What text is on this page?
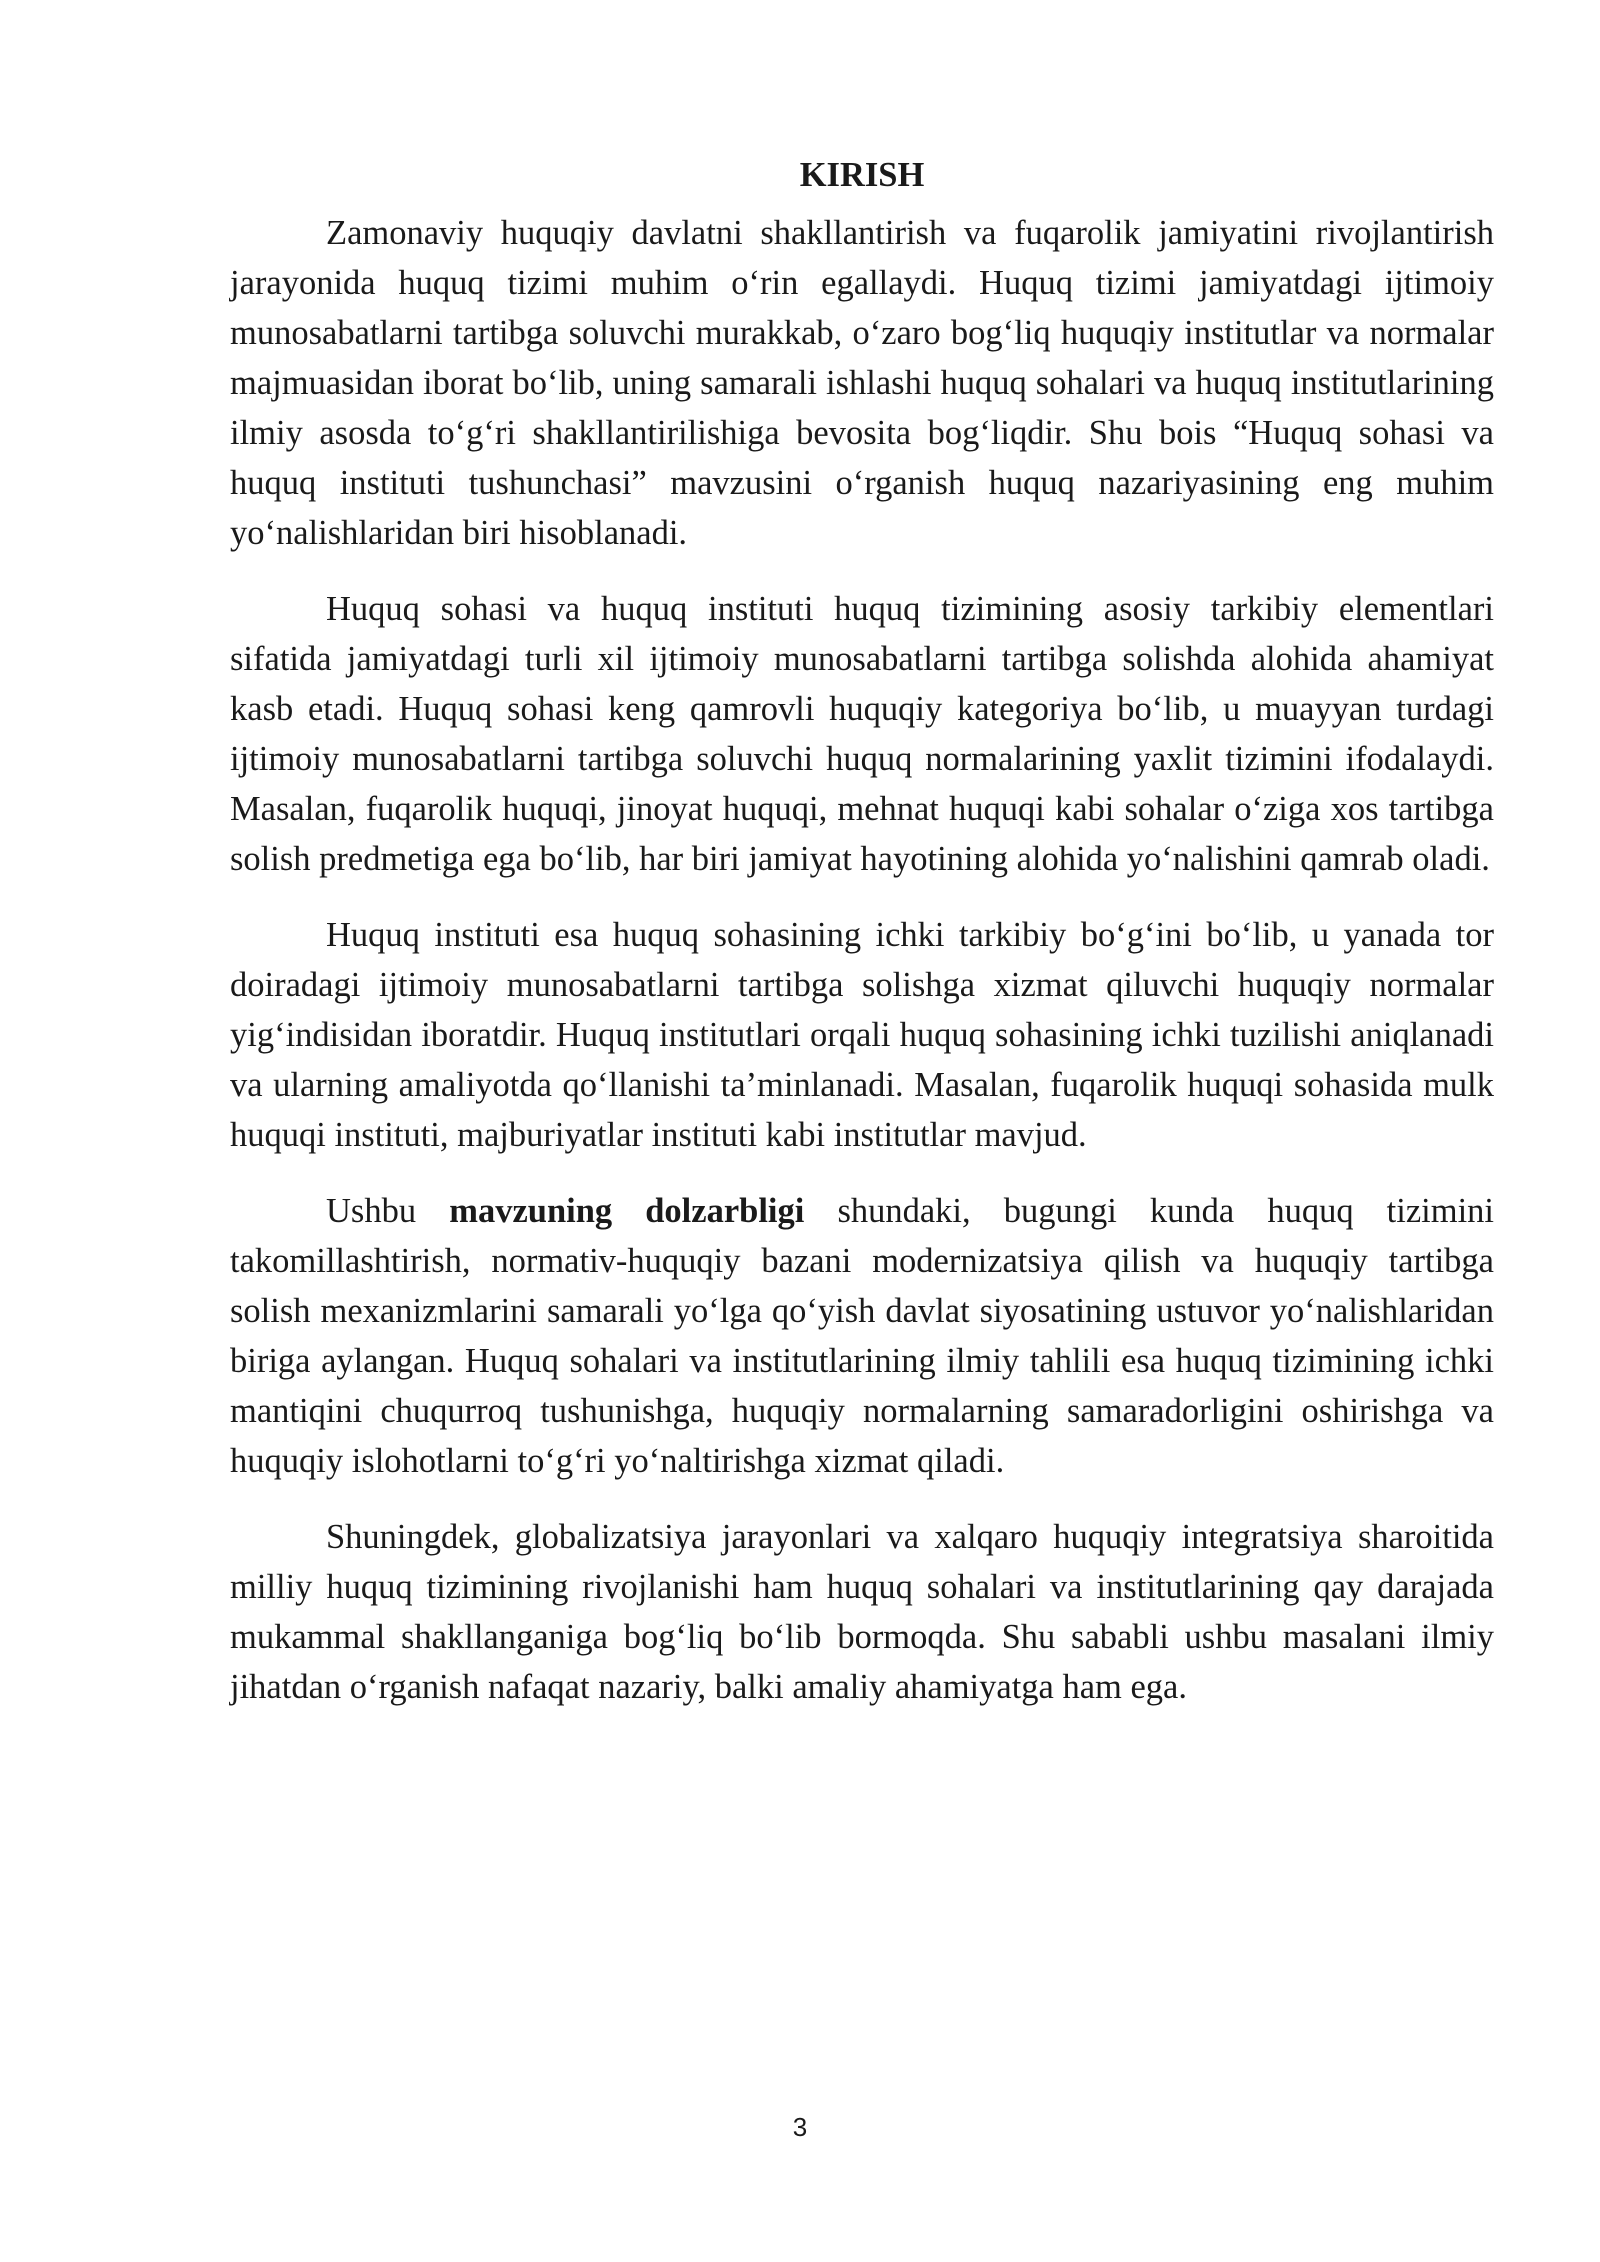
KIRISH

Zamonaviy huquqiy davlatni shakllantirish va fuqarolik jamiyatini rivojlantirish jarayonida huquq tizimi muhim o‘rin egallaydi. Huquq tizimi jamiyatdagi ijtimoiy munosabatlarni tartibga soluvchi murakkab, o‘zaro bog‘liq huquqiy institutlar va normalar majmuasidan iborat bo‘lib, uning samarali ishlashi huquq sohalari va huquq institutlarining ilmiy asosda to‘g‘ri shakllantirilishiga bevosita bog‘liqdir. Shu bois “Huquq sohasi va huquq instituti tushunchasi” mavzusini o‘rganish huquq nazariyasining eng muhim yo‘nalishlaridan biri hisoblanadi.

Huquq sohasi va huquq instituti huquq tizimining asosiy tarkibiy elementlari sifatida jamiyatdagi turli xil ijtimoiy munosabatlarni tartibga solishda alohida ahamiyat kasb etadi. Huquq sohasi keng qamrovli huquqiy kategoriya bo‘lib, u muayyan turdagi ijtimoiy munosabatlarni tartibga soluvchi huquq normalarining yaxlit tizimini ifodalaydi. Masalan, fuqarolik huquqi, jinoyat huquqi, mehnat huquqi kabi sohalar o‘ziga xos tartibga solish predmetiga ega bo‘lib, har biri jamiyat hayotining alohida yo‘nalishini qamrab oladi.

Huquq instituti esa huquq sohasining ichki tarkibiy bo‘g‘ini bo‘lib, u yanada tor doiradagi ijtimoiy munosabatlarni tartibga solishga xizmat qiluvchi huquqiy normalar yig‘indisidan iboratdir. Huquq institutlari orqali huquq sohasining ichki tuzilishi aniqlanadi va ularning amaliyotda qo‘llanishi ta’minlanadi. Masalan, fuqarolik huquqi sohasida mulk huquqi instituti, majburiyatlar instituti kabi institutlar mavjud.

Ushbu mavzuning dolzarbligi shundaki, bugungi kunda huquq tizimini takomillashtirish, normativ-huquqiy bazani modernizatsiya qilish va huquqiy tartibga solish mexanizmlarini samarali yo‘lga qo‘yish davlat siyosatining ustuvor yo‘nalishlaridan biriga aylangan. Huquq sohalari va institutlarining ilmiy tahlili esa huquq tizimining ichki mantiqini chuqurroq tushunishga, huquqiy normalarning samaradorligini oshirishga va huquqiy islohotlarni to‘g‘ri yo‘naltirishga xizmat qiladi.

Shuningdek, globalizatsiya jarayonlari va xalqaro huquqiy integratsiya sharoitida milliy huquq tizimining rivojlanishi ham huquq sohalari va institutlarining qay darajada mukammal shakllanganiga bog‘liq bo‘lib bormoqda. Shu sababli ushbu masalani ilmiy jihatdan o‘rganish nafaqat nazariy, balki amaliy ahamiyatga ham ega.

3
